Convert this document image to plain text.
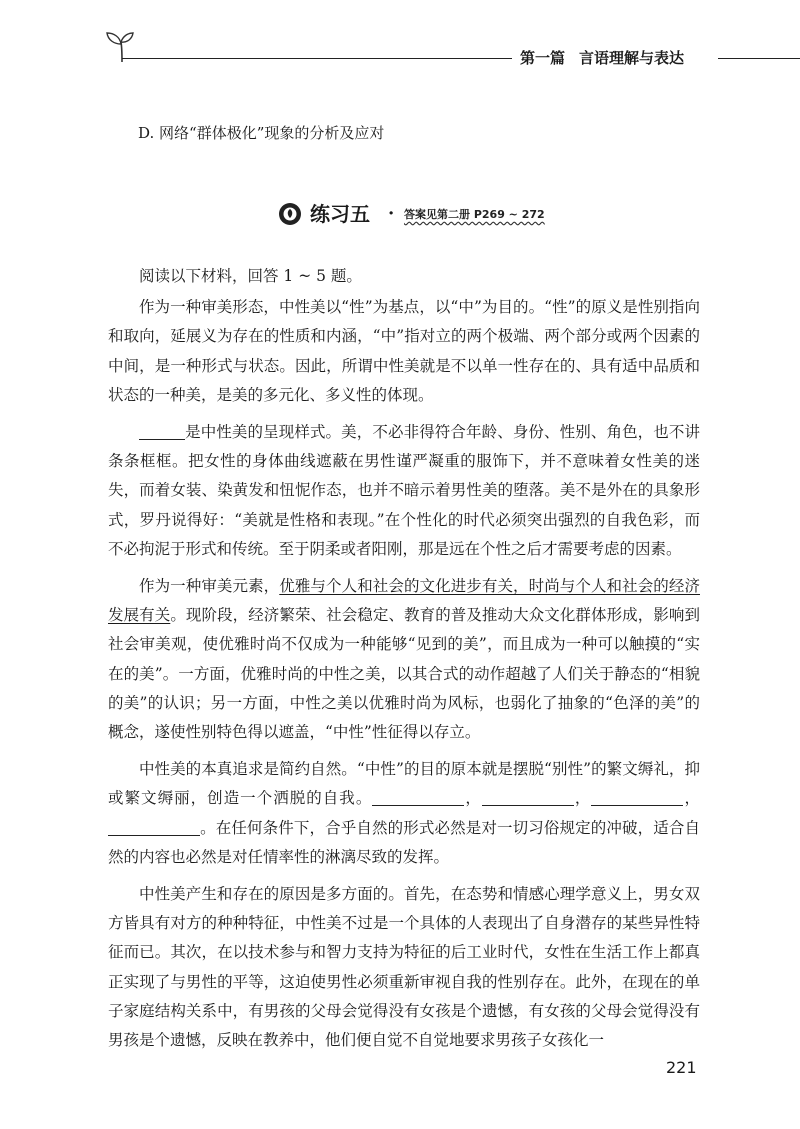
第一篇 言语理解与表达
D. 网络“群体极化”现象的分析及应对
练习五 · 答案见第二册 P269 ~ 272

阅读以下材料，回答 1 ~ 5 题。

作为一种审美形态，中性美以“性”为基点，以“中”为目的。“性”的原义是性别指向和取向，延展义为存在的性质和内涵，“中”指对立的两个极端、两个部分或两个因素的中间，是一种形式与状态。因此，所谓中性美就是不以单一性存在的、具有适中品质和状态的一种美，是美的多元化、多义性的体现。

是中性美的呈现样式。美，不必非得符合年龄、身份、性别、角色，也不讲条条框框。把女性的身体曲线遮蔽在男性谨严凝重的服饰下，并不意味着女性美的迷失，而着女装、染黄发和忸怩作态，也并不暗示着男性美的堕落。美不是外在的具象形式，罗丹说得好：“美就是性格和表现。”在个性化的时代必须突出强烈的自我色彩，而不必拘泥于形式和传统。至于阴柔或者阳刚，那是远在个性之后才需要考虑的因素。

作为一种审美元素，优雅与个人和社会的文化进步有关，时尚与个人和社会的经济发展有关。现阶段，经济繁荣、社会稳定、教育的普及推动大众文化群体形成，影响到社会审美观，使优雅时尚不仅成为一种能够“见到的美”，而且成为一种可以触摸的“实在的美”。一方面，优雅时尚的中性之美，以其合式的动作超越了人们关于静态的“相貌的美”的认识；另一方面，中性之美以优雅时尚为风标，也弱化了抽象的“色泽的美”的概念，遂使性别特色得以遮盖，“中性”性征得以存立。

中性美的本真追求是简约自然。“中性”的目的原本就是摆脱“别性”的繁文缛礼，抑或繁文缛丽，创造一个洒脱的自我。	，	，	，。在任何条件下，合乎自然的形式必然是对一切习俗规定的冲破，适合自然的内容也必然是对任情率性的淋漓尽致的发挥。

中性美产生和存在的原因是多方面的。首先，在态势和情感心理学意义上，男女双方皆具有对方的种种特征，中性美不过是一个具体的人表现出了自身潜存的某些异性特征而已。其次，在以技术参与和智力支持为特征的后工业时代，女性在生活工作上都真正实现了与男性的平等，这迫使男性必须重新审视自我的性别存在。此外，在现在的单子家庭结构关系中，有男孩的父母会觉得没有女孩是个遗憾，有女孩的父母会觉得没有男孩是个遗憾，反映在教养中，他们便自觉不自觉地要求男孩子女孩化一

221
